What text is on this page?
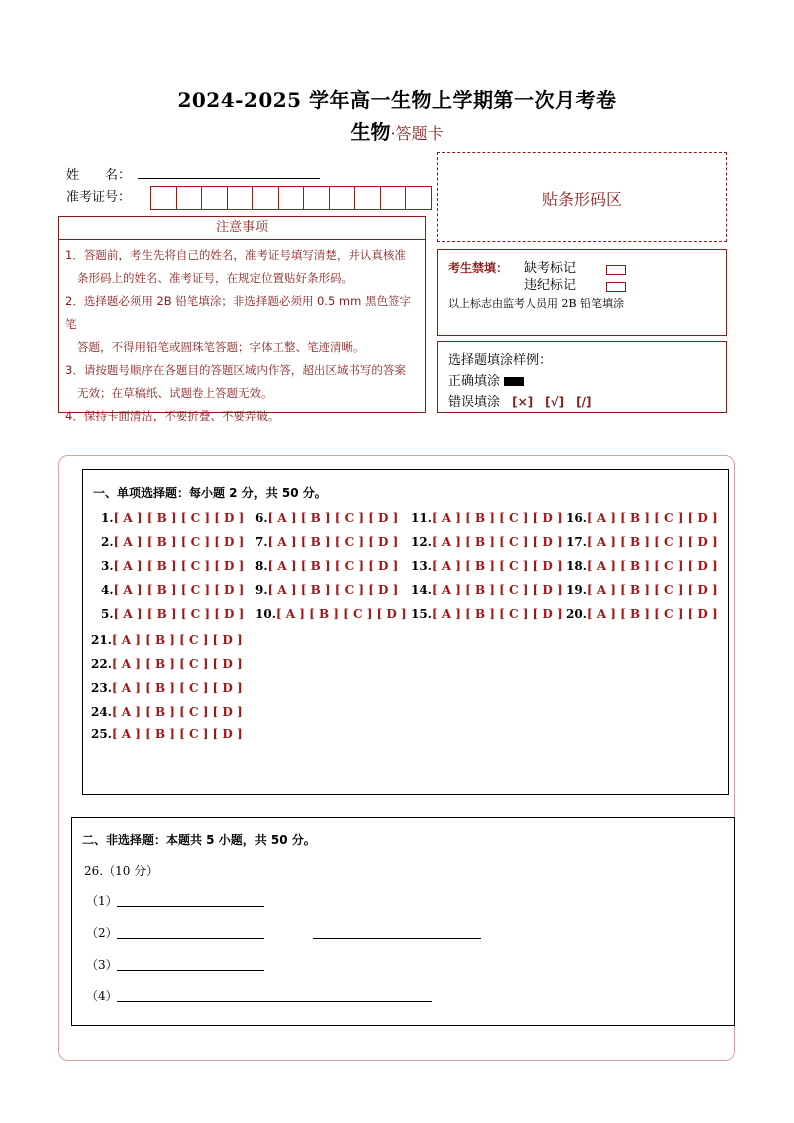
2024-2025 学年高一生物上学期第一次月考卷
生物·答题卡
姓　　名：
准考证号：	贴条形码区
注意事项
1．答题前，考生先将自己的姓名，准考证号填写清楚，并认真核准
条形码上的姓名、准考证号，在规定位置贴好条形码。
2．选择题必须用 2B 铅笔填涂；非选择题必须用 0.5 mm 黑色签字笔
答题，不得用铅笔或圆珠笔答题；字体工整、笔迹清晰。
3．请按题号顺序在各题目的答题区域内作答，超出区域书写的答案
无效；在草稿纸、试题卷上答题无效。
4．保持卡面清洁，不要折叠、不要弄破。
考生禁填： 缺考标记
违纪标记
以上标志由监考人员用 2B 铅笔填涂
选择题填涂样例：
正确填涂
错误填涂 [×]　[√]　[/]
一、单项选择题：每小题 2 分，共 50 分。
1.[ A ] [ B ] [ C ] [ D ]
2.[ A ] [ B ] [ C ] [ D ]
3.[ A ] [ B ] [ C ] [ D ]
4.[ A ] [ B ] [ C ] [ D ]
5.[ A ] [ B ] [ C ] [ D ]
6.[ A ] [ B ] [ C ] [ D ]
7.[ A ] [ B ] [ C ] [ D ]
8.[ A ] [ B ] [ C ] [ D ]
9.[ A ] [ B ] [ C ] [ D ]
10.[ A ] [ B ] [ C ] [ D ]
11.[ A ] [ B ] [ C ] [ D ]
12.[ A ] [ B ] [ C ] [ D ]
13.[ A ] [ B ] [ C ] [ D ]
14.[ A ] [ B ] [ C ] [ D ]
15.[ A ] [ B ] [ C ] [ D ]
16.[ A ] [ B ] [ C ] [ D ]
17.[ A ] [ B ] [ C ] [ D ]
18.[ A ] [ B ] [ C ] [ D ]
19.[ A ] [ B ] [ C ] [ D ]
20.[ A ] [ B ] [ C ] [ D ]
21.[ A ] [ B ] [ C ] [ D ]
22.[ A ] [ B ] [ C ] [ D ]
23.[ A ] [ B ] [ C ] [ D ]
24.[ A ] [ B ] [ C ] [ D ]
25.[ A ] [ B ] [ C ] [ D ]
二、非选择题：本题共 5 小题，共 50 分。
26.（10 分）
（1）
（2）
（3）
（4）
